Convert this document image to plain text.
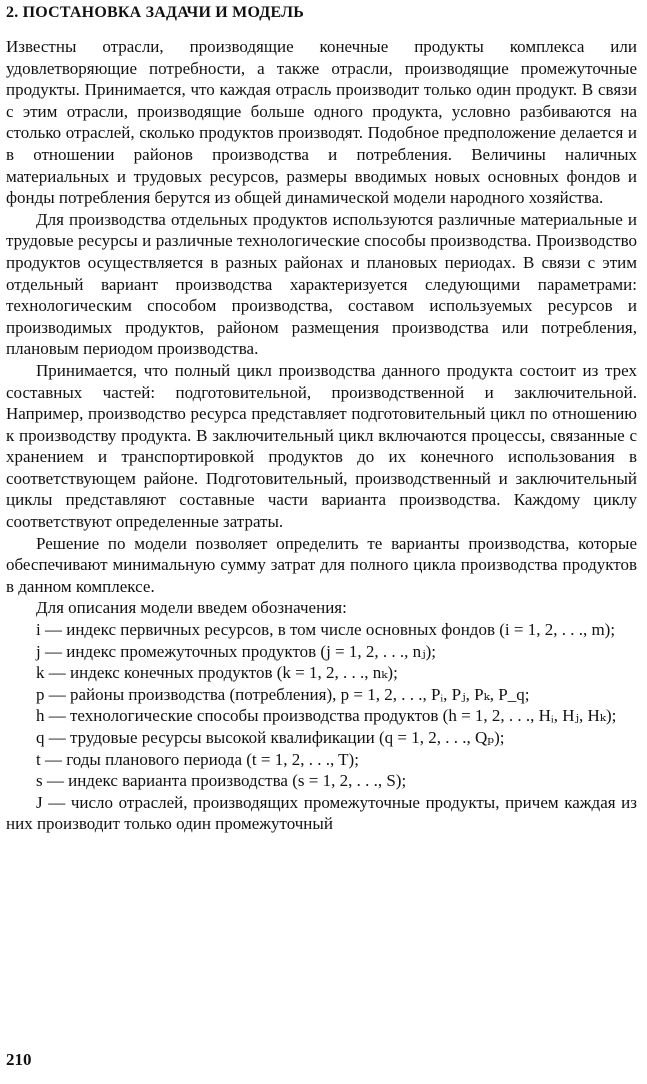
2. ПОСТАНОВКА ЗАДАЧИ И МОДЕЛЬ

Известны отрасли, производящие конечные продукты комплекса или удовлетворяющие потребности, а также отрасли, производящие промежуточные продукты. Принимается, что каждая отрасль производит только один продукт. В связи с этим отрасли, производящие больше одного продукта, условно разбиваются на столько отраслей, сколько продуктов производят. Подобное предположение делается и в отношении районов производства и потребления. Величины наличных материальных и трудовых ресурсов, размеры вводимых новых основных фондов и фонды потребления берутся из общей динамической модели народного хозяйства.

Для производства отдельных продуктов используются различные материальные и трудовые ресурсы и различные технологические способы производства. Производство продуктов осуществляется в разных районах и плановых периодах. В связи с этим отдельный вариант производства характеризуется следующими параметрами: технологическим способом производства, составом используемых ресурсов и производимых продуктов, районом размещения производства или потребления, плановым периодом производства.

Принимается, что полный цикл производства данного продукта состоит из трех составных частей: подготовительной, производственной и заключительной. Например, производство ресурса представляет подготовительный цикл по отношению к производству продукта. В заключительный цикл включаются процессы, связанные с хранением и транспортировкой продуктов до их конечного использования в соответствующем районе. Подготовительный, производственный и заключительный циклы представляют составные части варианта производства. Каждому циклу соответствуют определенные затраты.

Решение по модели позволяет определить те варианты производства, которые обеспечивают минимальную сумму затрат для полного цикла производства продуктов в данном комплексе.

Для описания модели введем обозначения:

i — индекс первичных ресурсов, в том числе основных фондов (i = 1, 2, . . ., m);

j — индекс промежуточных продуктов (j = 1, 2, . . ., nⱼ);

k — индекс конечных продуктов (k = 1, 2, . . ., nₖ);

p — районы производства (потребления), p = 1, 2, . . ., Pᵢ, Pⱼ, Pₖ, P_q;

h — технологические способы производства продуктов (h = 1, 2, . . ., Hᵢ, Hⱼ, Hₖ);

q — трудовые ресурсы высокой квалификации (q = 1, 2, . . ., Qₚ);

t — годы планового периода (t = 1, 2, . . ., T);

s — индекс варианта производства (s = 1, 2, . . ., S);

J — число отраслей, производящих промежуточные продукты, причем каждая из них производит только один промежуточный

210
